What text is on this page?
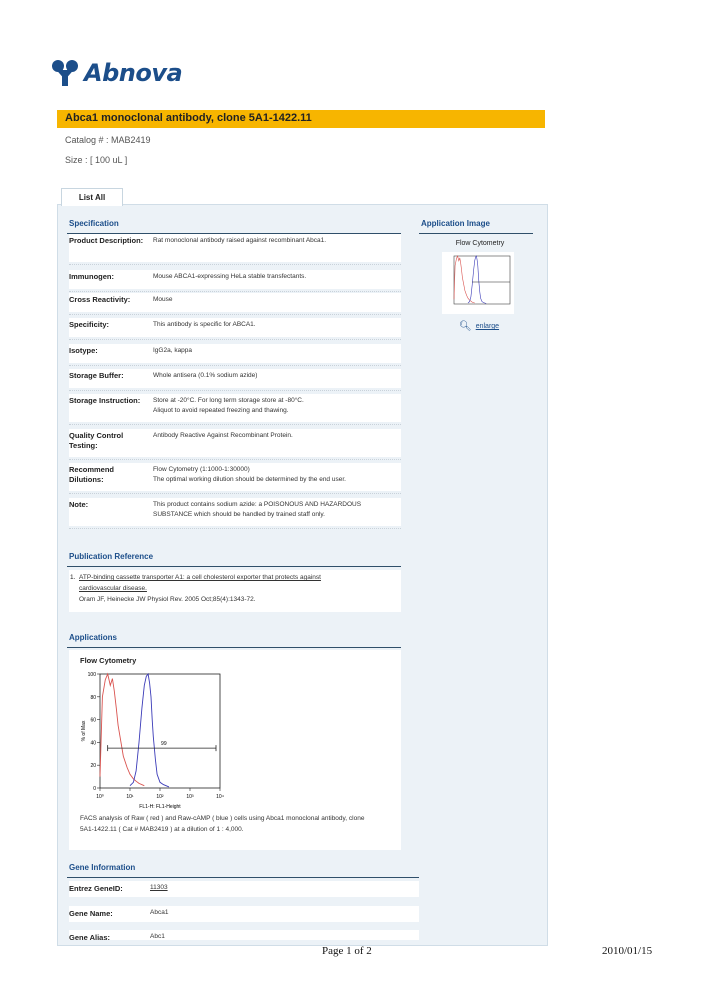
Abnova
Abca1 monoclonal antibody, clone 5A1-1422.11
Catalog # : MAB2419
Size : [ 100 uL ]
List All
Specification
Product Description:	Rat monoclonal antibody raised against recombinant Abca1.
Immunogen:	Mouse ABCA1-expressing HeLa stable transfectants.
Cross Reactivity:	Mouse
Specificity:	This antibody is specific for ABCA1.
Isotype:	IgG2a, kappa
Storage Buffer:	Whole antisera (0.1% sodium azide)
Storage Instruction:	Store at -20°C. For long term storage store at -80°C.
Aliquot to avoid repeated freezing and thawing.
Quality Control Testing:
Antibody Reactive Against Recombinant Protein.
Recommend Dilutions:
Flow Cytometry (1:1000-1:30000)
The optimal working dilution should be determined by the end user.
Note:	This product contains sodium azide: a POISONOUS AND HAZARDOUS
SUBSTANCE which should be handled by trained staff only.
Application Image
Flow Cytometry
🔍︎ enlarge
Publication Reference
1. ATP-binding cassette transporter A1: a cell cholesterol exporter that protects against
cardiovascular disease.
Oram JF, Heinecke JW Physiol Rev. 2005 Oct;85(4):1343-72.
Applications
Flow Cytometry
0
20
40
60
80
100
10⁰	10¹	10²	10³	10⁴
99
% of Max
FL1-H: FL1-Height
FACS analysis of Raw ( red ) and Raw-cAMP ( blue ) cells using Abca1 monoclonal antibody, clone
5A1-1422.11 ( Cat # MAB2419 ) at a dilution of 1 : 4,000.
Gene Information
Entrez GeneID:	11303
Gene Name:	Abca1
Gene Alias:	Abc1
Page 1 of 2	2010/01/15
